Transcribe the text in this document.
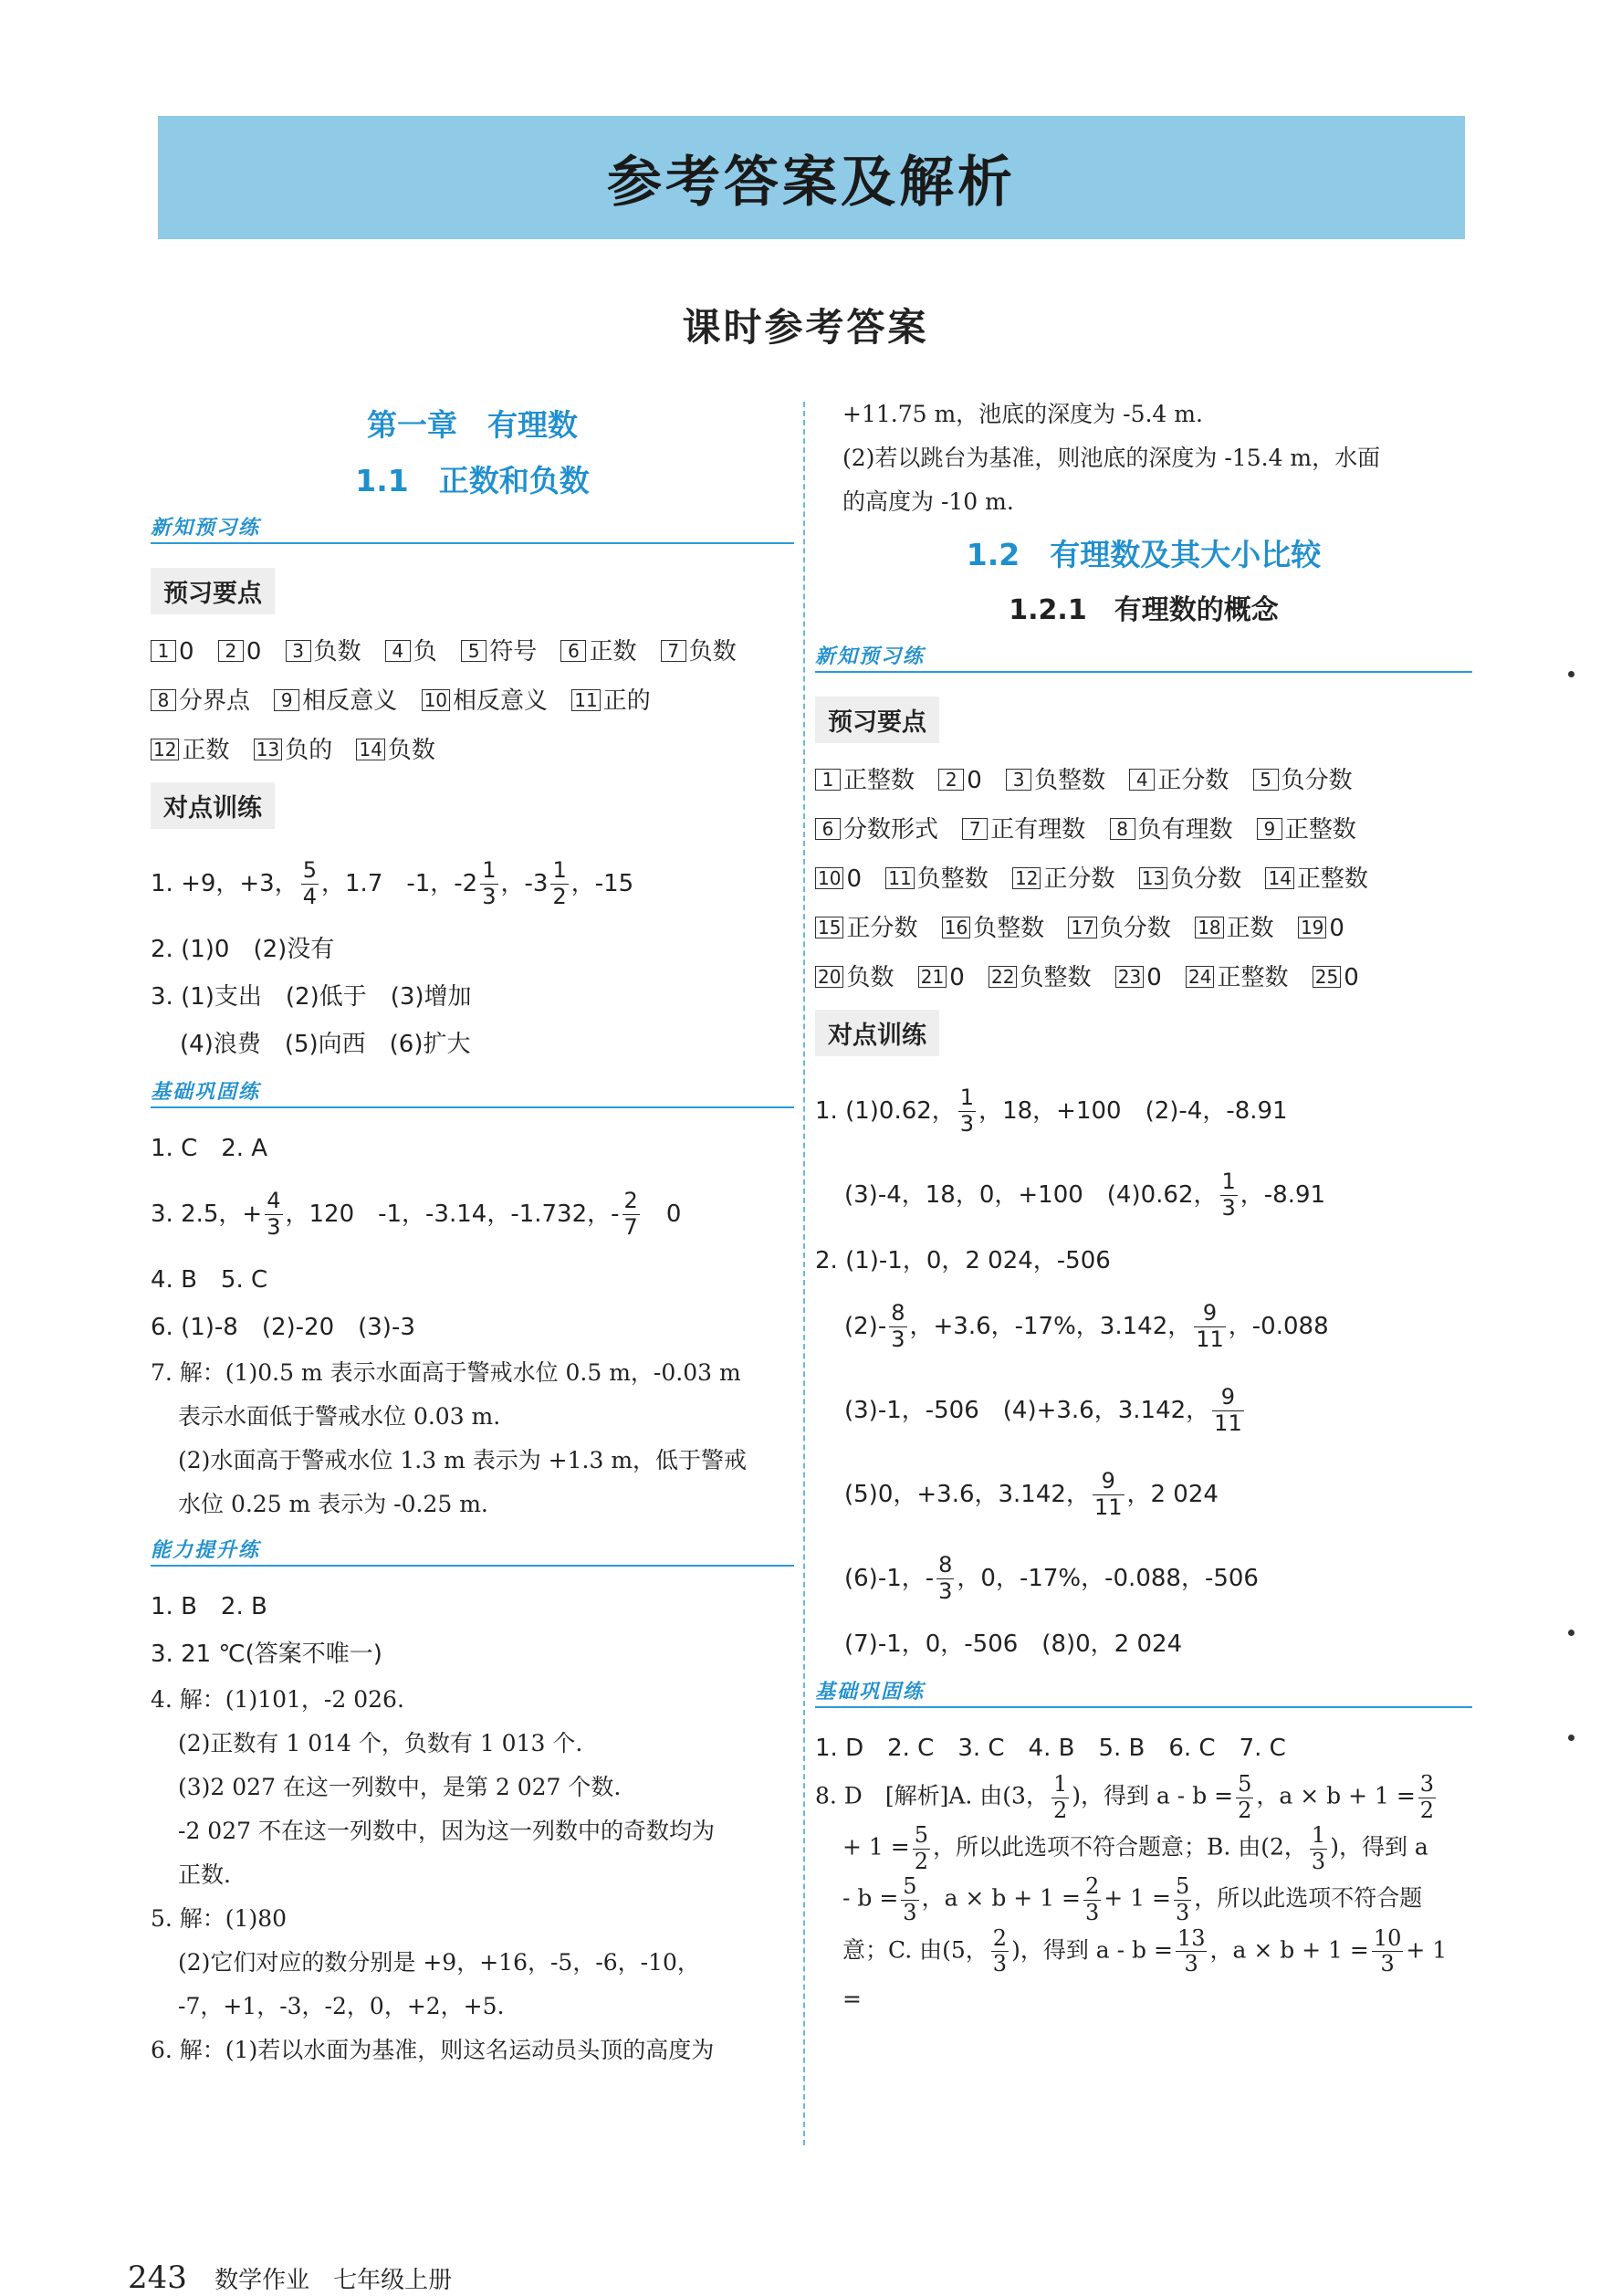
参考答案及解析
课时参考答案
第一章　有理数
1.1　正数和负数
新知预习练
预习要点
1 0 2 0 3 负数 4 负 5 符号 6 正数 7 负数
8 分界点 9 相反意义 10 相反意义 11 正的
12 正数 13 负的 14 负数
对点训练
1. +9，+3， $\frac{5}{4}$ ，1.7　-1，$-2 \frac{1}{3}$ ，$-3 \frac{1}{2}$ ，-15
2. (1)0　(2)没有
3. (1)支出　(2)低于　(3)增加
(4)浪费　(5)向西　(6)扩大
基础巩固练
1. C　2. A
3. 2.5，+ $\frac{4}{3}$ ，120　-1，-3.14，-1.732，- $\frac{2}{7}$ 　0
4. B　5. C
6. (1)-8　(2)-20　(3)-3
7. 解：(1)0.5 m 表示水面高于警戒水位 0.5 m，-0.03 m
表示水面低于警戒水位 0.03 m.
(2)水面高于警戒水位 1.3 m 表示为 +1.3 m，低于警戒
水位 0.25 m 表示为 -0.25 m.
能力提升练
1. B　2. B
3. 21 ℃(答案不唯一)
4. 解：(1)101，-2 026.
(2)正数有 1 014 个，负数有 1 013 个.
(3)2 027 在这一列数中，是第 2 027 个数.
-2 027 不在这一列数中，因为这一列数中的奇数均为
正数.
5. 解：(1)80
(2)它们对应的数分别是 +9，+16，-5，-6，-10，
-7，+1，-3，-2，0，+2，+5.
6. 解：(1)若以水面为基准，则这名运动员头顶的高度为
+11.75 m，池底的深度为 -5.4 m.
(2)若以跳台为基准，则池底的深度为 -15.4 m，水面
的高度为 -10 m.
1.2　有理数及其大小比较
1.2.1　有理数的概念
新知预习练
预习要点
1 正整数 2 0 3 负整数 4 正分数 5 负分数
6 分数形式 7 正有理数 8 负有理数 9 正整数
10 0 11 负整数 12 正分数 13 负分数 14 正整数
15 正分数 16 负整数 17 负分数 18 正数 19 0
20 负数 21 0 22 负整数 23 0 24 正整数 25 0
对点训练
1. (1)0.62， $\frac{1}{3}$ ，18，+100　(2)-4，-8.91
(3)-4，18，0，+100　(4)0.62， $\frac{1}{3}$ ，-8.91
2. (1)-1，0，2 024，-506
$(2)- \frac{8}{3}$ ，+3.6，-17%，3.142， $\frac{9}{11}$ ，-0.088
(3)-1，-506　(4)+3.6，3.142， $\frac{9}{11}$
(5)0，+3.6，3.142， $\frac{9}{11}$ ，2 024
(6)-1，- $\frac{8}{3}$ ，0，-17%，-0.088，-506
(7)-1，0，-506　(8)0，2 024
基础巩固练
1. D　2. C　3. C　4. B　5. B　6. C　7. C
8. D　[解析]A. 由(3， $\frac{1}{2}$ )，得到 $a - b = \frac{5}{2}$ ，$a \times b + 1 = \frac{3}{2}$
+ $1 = \frac{5}{2}$ ，所以此选项不符合题意；B. 由(2， $\frac{1}{3}$ )，得到 a
- $b = \frac{5}{3}$ ，$a \times b + 1 = \frac{2}{3} + 1 = \frac{5}{3}$ ，所以此选项不符合题
意；C. 由(5， $\frac{2}{3}$ )，得到 $a - b = \frac{13}{3}$ ，$a \times b + 1 = \frac{10}{3} + 1$ =
243 数学作业　七年级上册
